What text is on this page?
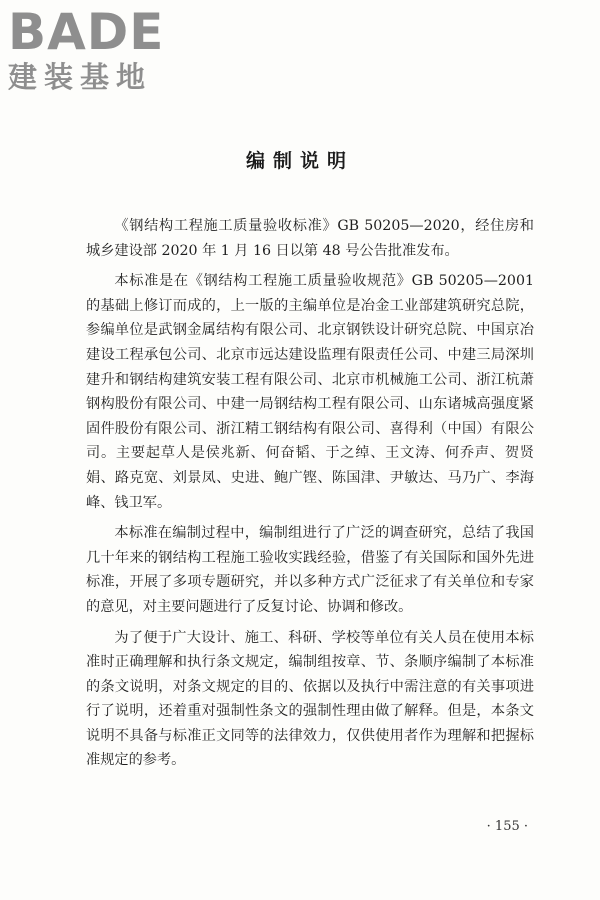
BADE
建装基地
编制说明

《钢结构工程施工质量验收标准》GB 50205—2020，经住房和城乡建设部 2020 年 1 月 16 日以第 48 号公告批准发布。

本标准是在《钢结构工程施工质量验收规范》GB 50205—2001 的基础上修订而成的，上一版的主编单位是冶金工业部建筑研究总院，参编单位是武钢金属结构有限公司、北京钢铁设计研究总院、中国京冶建设工程承包公司、北京市远达建设监理有限责任公司、中建三局深圳建升和钢结构建筑安装工程有限公司、北京市机械施工公司、浙江杭萧钢构股份有限公司、中建一局钢结构工程有限公司、山东诸城高强度紧固件股份有限公司、浙江精工钢结构有限公司、喜得利（中国）有限公司。主要起草人是侯兆新、何奋韬、于之绰、王文涛、何乔声、贺贤娟、路克宽、刘景凤、史进、鲍广铿、陈国津、尹敏达、马乃广、李海峰、钱卫军。

本标准在编制过程中，编制组进行了广泛的调查研究，总结了我国几十年来的钢结构工程施工验收实践经验，借鉴了有关国际和国外先进标准，开展了多项专题研究，并以多种方式广泛征求了有关单位和专家的意见，对主要问题进行了反复讨论、协调和修改。

为了便于广大设计、施工、科研、学校等单位有关人员在使用本标准时正确理解和执行条文规定，编制组按章、节、条顺序编制了本标准的条文说明，对条文规定的目的、依据以及执行中需注意的有关事项进行了说明，还着重对强制性条文的强制性理由做了解释。但是，本条文说明不具备与标准正文同等的法律效力，仅供使用者作为理解和把握标准规定的参考。

· 155 ·
